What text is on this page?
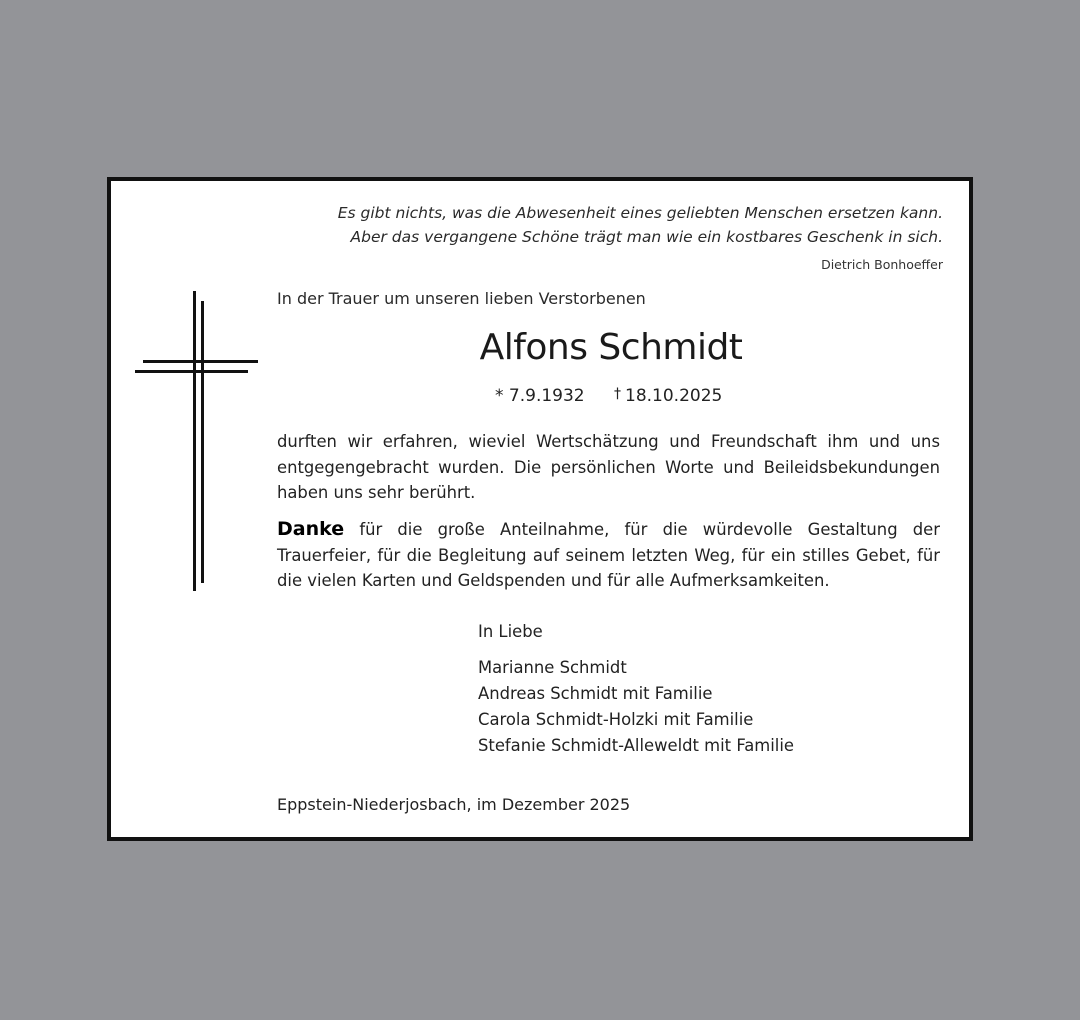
Es gibt nichts, was die Abwesenheit eines geliebten Menschen ersetzen kann.
Aber das vergangene Schöne trägt man wie ein kostbares Geschenk in sich.
Dietrich Bonhoeffer
In der Trauer um unseren lieben Verstorbenen
Alfons Schmidt
* 7.9.1932 † 18.10.2025
durften wir erfahren, wieviel Wertschätzung und Freundschaft ihm und uns entgegengebracht wurden. Die persönlichen Worte und Beileidsbekundungen haben uns sehr berührt.
Danke für die große Anteilnahme, für die würdevolle Gestaltung der Trauerfeier, für die Begleitung auf seinem letzten Weg, für ein stilles Gebet, für die vielen Karten und Geldspenden und für alle Aufmerksamkeiten.
In Liebe
Marianne Schmidt
Andreas Schmidt mit Familie
Carola Schmidt-Holzki mit Familie
Stefanie Schmidt-Alleweldt mit Familie
Eppstein-Niederjosbach, im Dezember 2025
